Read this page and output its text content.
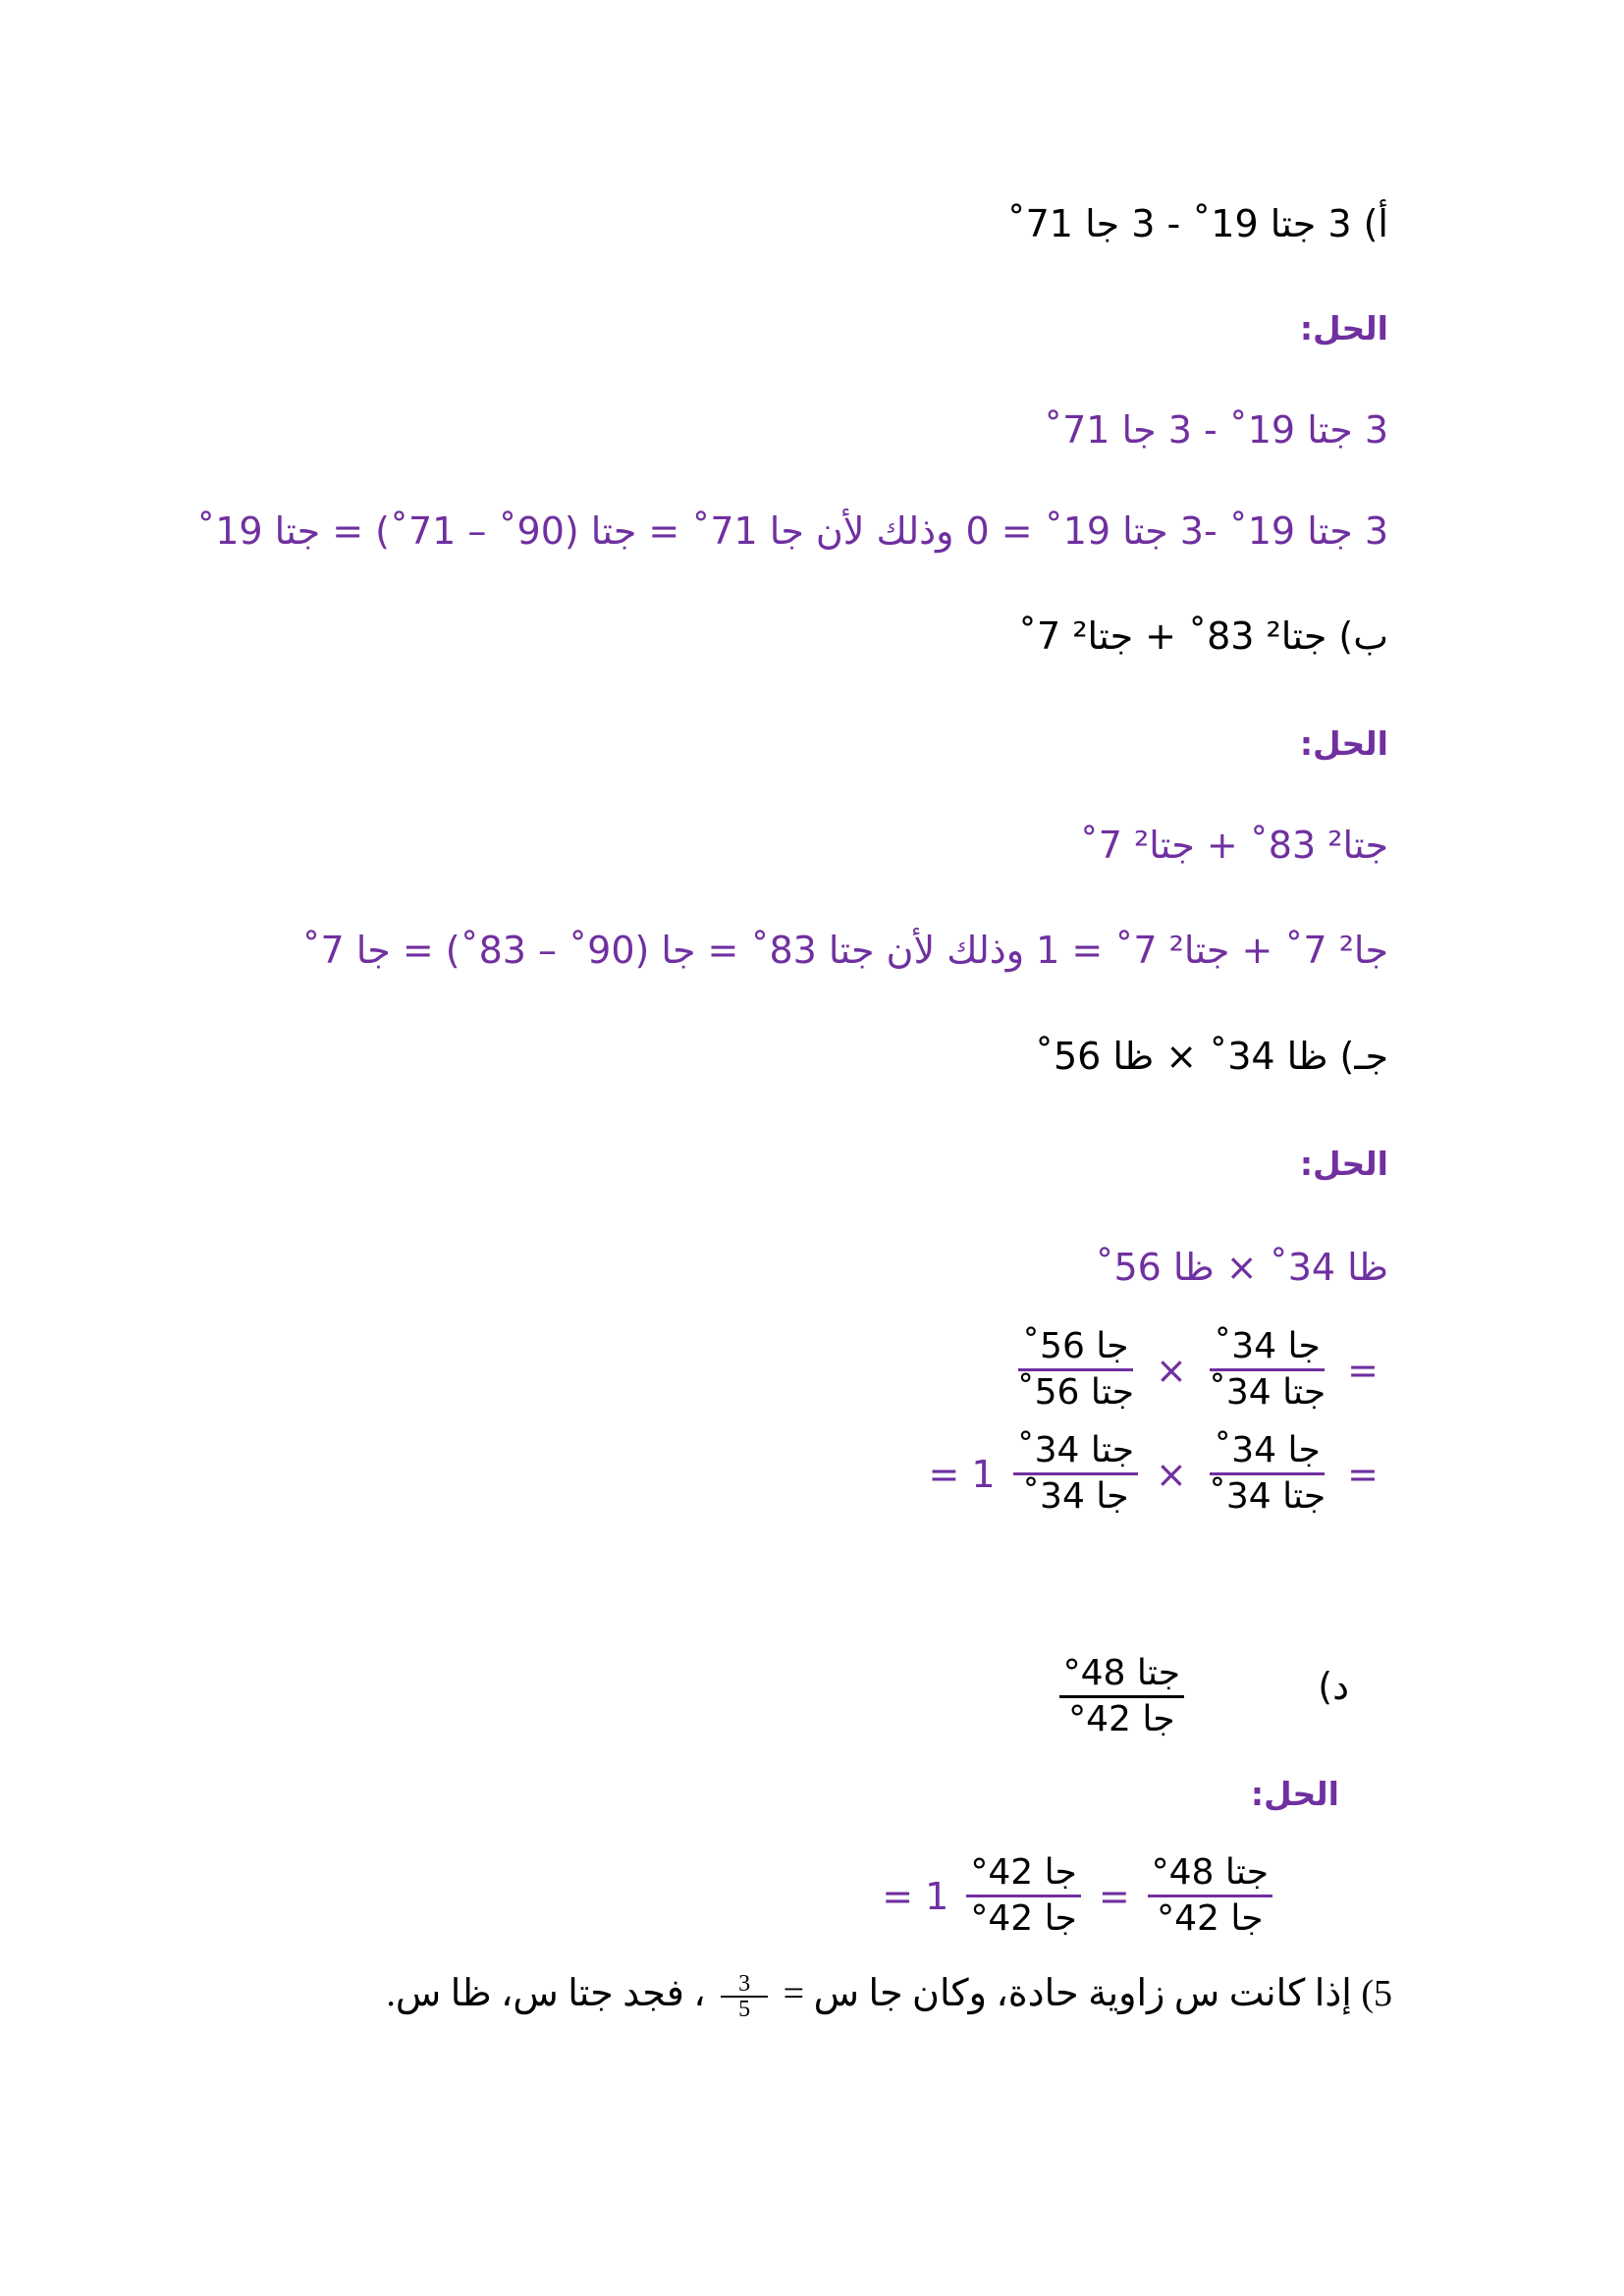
أ) 3 جتا 19˚ - 3 جا 71˚
الحل:
3 جتا 19˚ - 3 جا 71˚
3 جتا 19˚ -3 جتا 19˚ = 0 وذلك لأن جا 71˚ = جتا (90˚ – 71˚) = جتا 19˚
ب) جتا² 83˚ + جتا² 7˚
الحل:
جتا² 83˚ + جتا² 7˚
جا² 7˚ + جتا² 7˚ = 1 وذلك لأن جتا 83˚ = جا (90˚ – 83˚) = جا 7˚
جـ) ظا 34˚ × ظا 56˚
الحل:
ظا 34˚ × ظا 56˚
$\frac{\text{جا 56˚}}{\text{جتا 56˚}} \times \frac{\text{جا 34˚}}{\text{جتا 34˚}}$ =
= $1 \frac{\text{جتا 34˚}}{\text{جا 34˚}} \times \frac{\text{جا 34˚}}{\text{جتا 34˚}}$ =
د)
$\frac{\text{جتا 48°}}{\text{جا 42°}}$
الحل:
= $1 \frac{\text{جا 42°}}{\text{جا 42°}} = \frac{\text{جتا 48°}}{\text{جا 42°}}$
5) إذا كانت س زاوية حادة، وكان جا س =
$\frac{3}{5}$
، فجد جتا س، ظا س.
